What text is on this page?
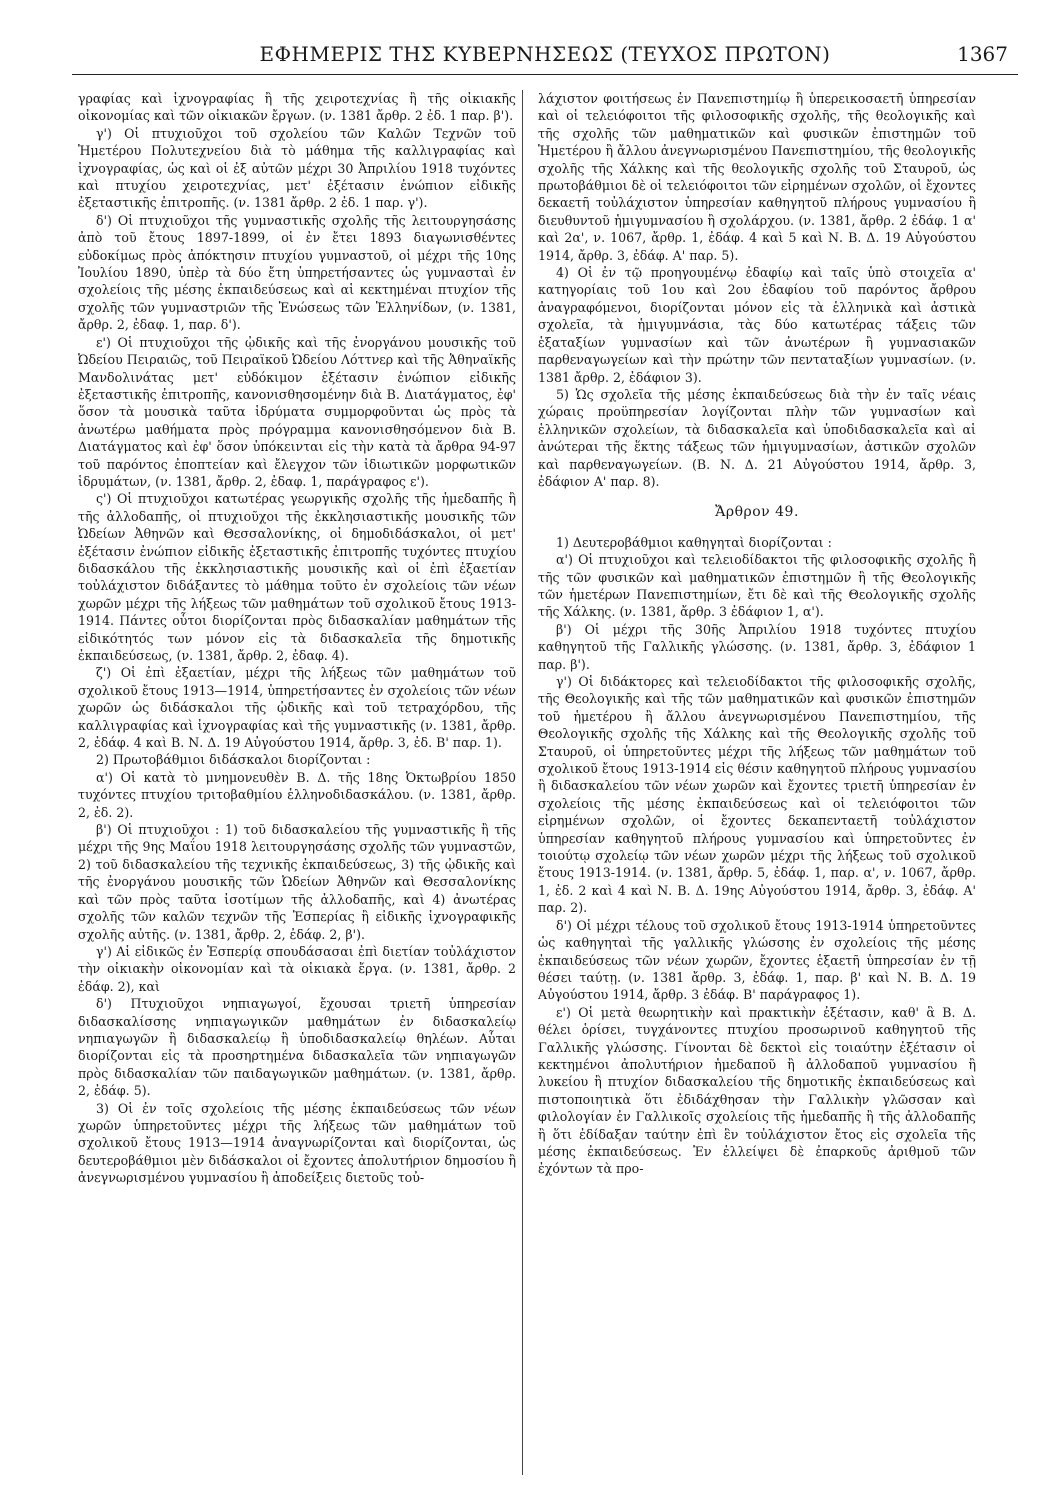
ΕΦΗΜΕΡΙΣ ΤΗΣ ΚΥΒΕΡΝΗΣΕΩΣ (ΤΕΥΧΟΣ ΠΡΩΤΟΝ)	1367

γραφίας καὶ ἰχνογραφίας ἢ τῆς χειροτεχνίας ἢ τῆς οἰκιακῆς οἰκονομίας καὶ τῶν οἰκιακῶν ἔργων. (ν. 1381 ἄρθρ. 2 ἐδ. 1 παρ. β').

γ') Οἱ πτυχιοῦχοι τοῦ σχολείου τῶν Καλῶν Τεχνῶν τοῦ Ἡμετέρου Πολυτεχνείου διὰ τὸ μάθημα τῆς καλλιγραφίας καὶ ἰχνογραφίας, ὡς καὶ οἱ ἐξ αὐτῶν μέχρι 30 Ἀπριλίου 1918 τυχόντες καὶ πτυχίου χειροτεχνίας, μετ' ἐξέτασιν ἐνώπιον εἰδικῆς ἐξεταστικῆς ἐπιτροπῆς. (ν. 1381 ἄρθρ. 2 ἐδ. 1 παρ. γ').

δ') Οἱ πτυχιοῦχοι τῆς γυμναστικῆς σχολῆς τῆς λειτουργησάσης ἀπὸ τοῦ ἔτους 1897-1899, οἱ ἐν ἔτει 1893 διαγωνισθέντες εὐδοκίμως πρὸς ἀπόκτησιν πτυχίου γυμναστοῦ, οἱ μέχρι τῆς 10ης Ἰουλίου 1890, ὑπὲρ τὰ δύο ἔτη ὑπηρετήσαντες ὡς γυμνασταὶ ἐν σχολείοις τῆς μέσης ἐκπαιδεύσεως καὶ αἱ κεκτημέναι πτυχίον τῆς σχολῆς τῶν γυμναστριῶν τῆς Ἑνώσεως τῶν Ἑλληνίδων, (ν. 1381, ἄρθρ. 2, ἐδαφ. 1, παρ. δ').

ε') Οἱ πτυχιοῦχοι τῆς ᾠδικῆς καὶ τῆς ἐνοργάνου μουσικῆς τοῦ Ὠδείου Πειραιῶς, τοῦ Πειραϊκοῦ Ὠδείου Λόττνερ καὶ τῆς Ἀθηναϊκῆς Μανδολινάτας μετ' εὐδόκιμον ἐξέτασιν ἐνώπιον εἰδικῆς ἐξεταστικῆς ἐπιτροπῆς, κανονισθησομένην διὰ Β. Διατάγματος, ἐφ' ὅσον τὰ μουσικὰ ταῦτα ἱδρύματα συμμορφοῦνται ὡς πρὸς τὰ ἀνωτέρω μαθήματα πρὸς πρόγραμμα κανονισθησόμενον διὰ Β. Διατάγματος καὶ ἐφ' ὅσον ὑπόκεινται εἰς τὴν κατὰ τὰ ἄρθρα 94-97 τοῦ παρόντος ἐποπτείαν καὶ ἔλεγχον τῶν ἰδιωτικῶν μορφωτικῶν ἱδρυμάτων, (ν. 1381, ἄρθρ. 2, ἐδαφ. 1, παράγραφος ε').

ς') Οἱ πτυχιοῦχοι κατωτέρας γεωργικῆς σχολῆς τῆς ἡμεδαπῆς ἢ τῆς ἀλλοδαπῆς, οἱ πτυχιοῦχοι τῆς ἐκκλησιαστικῆς μουσικῆς τῶν Ὠδείων Ἀθηνῶν καὶ Θεσσαλονίκης, οἱ δημοδιδάσκαλοι, οἱ μετ' ἐξέτασιν ἐνώπιον εἰδικῆς ἐξεταστικῆς ἐπιτροπῆς τυχόντες πτυχίου διδασκάλου τῆς ἐκκλησιαστικῆς μουσικῆς καὶ οἱ ἐπὶ ἐξαετίαν τοὐλάχιστον διδάξαντες τὸ μάθημα τοῦτο ἐν σχολείοις τῶν νέων χωρῶν μέχρι τῆς λήξεως τῶν μαθημάτων τοῦ σχολικοῦ ἔτους 1913-1914. Πάντες οὗτοι διορίζονται πρὸς διδασκαλίαν μαθημάτων τῆς εἰδικότητός των μόνον εἰς τὰ διδασκαλεῖα τῆς δημοτικῆς ἐκπαιδεύσεως, (ν. 1381, ἄρθρ. 2, ἐδαφ. 4).

ζ') Οἱ ἐπὶ ἐξαετίαν, μέχρι τῆς λήξεως τῶν μαθημάτων τοῦ σχολικοῦ ἔτους 1913—1914, ὑπηρετήσαντες ἐν σχολείοις τῶν νέων χωρῶν ὡς διδάσκαλοι τῆς ᾠδικῆς καὶ τοῦ τετραχόρδου, τῆς καλλιγραφίας καὶ ἰχνογραφίας καὶ τῆς γυμναστικῆς (ν. 1381, ἄρθρ. 2, ἐδάφ. 4 καὶ Β. Ν. Δ. 19 Αὐγούστου 1914, ἄρθρ. 3, ἐδ. Β' παρ. 1).

2) Πρωτοβάθμιοι διδάσκαλοι διορίζονται :

α') Οἱ κατὰ τὸ μνημονευθὲν Β. Δ. τῆς 18ης Ὀκτωβρίου 1850 τυχόντες πτυχίου τριτοβαθμίου ἑλληνοδιδασκάλου. (ν. 1381, ἄρθρ. 2, ἐδ. 2).

β') Οἱ πτυχιοῦχοι : 1) τοῦ διδασκαλείου τῆς γυμναστικῆς ἢ τῆς μέχρι τῆς 9ης Μαΐου 1918 λειτουργησάσης σχολῆς τῶν γυμναστῶν, 2) τοῦ διδασκαλείου τῆς τεχνικῆς ἐκπαιδεύσεως, 3) τῆς ᾠδικῆς καὶ τῆς ἐνοργάνου μουσικῆς τῶν Ὠδείων Ἀθηνῶν καὶ Θεσσαλονίκης καὶ τῶν πρὸς ταῦτα ἰσοτίμων τῆς ἀλλοδαπῆς, καὶ 4) ἀνωτέρας σχολῆς τῶν καλῶν τεχνῶν τῆς Ἑσπερίας ἢ εἰδικῆς ἰχνογραφικῆς σχολῆς αὐτῆς. (ν. 1381, ἄρθρ. 2, ἐδάφ. 2, β').

γ') Αἱ εἰδικῶς ἐν Ἑσπερίᾳ σπουδάσασαι ἐπὶ διετίαν τοὐλάχιστον τὴν οἰκιακὴν οἰκονομίαν καὶ τὰ οἰκιακὰ ἔργα. (ν. 1381, ἄρθρ. 2 ἐδάφ. 2), καὶ

δ') Πτυχιοῦχοι νηπιαγωγοί, ἔχουσαι τριετῆ ὑπηρεσίαν διδασκαλίσσης νηπιαγωγικῶν μαθημάτων ἐν διδασκαλείῳ νηπιαγωγῶν ἢ διδασκαλείῳ ἢ ὑποδιδασκαλείῳ θηλέων. Αὗται διορίζονται εἰς τὰ προσηρτημένα διδασκαλεῖα τῶν νηπιαγωγῶν πρὸς διδασκαλίαν τῶν παιδαγωγικῶν μαθημάτων. (ν. 1381, ἄρθρ. 2, ἐδάφ. 5).

3) Οἱ ἐν τοῖς σχολείοις τῆς μέσης ἐκπαιδεύσεως τῶν νέων χωρῶν ὑπηρετοῦντες μέχρι τῆς λήξεως τῶν μαθημάτων τοῦ σχολικοῦ ἔτους 1913—1914 ἀναγνωρίζονται καὶ διορίζονται, ὡς δευτεροβάθμιοι μὲν διδάσκαλοι οἱ ἔχοντες ἀπολυτήριον δημοσίου ἢ ἀνεγνωρισμένου γυμνασίου ἢ ἀποδείξεις διετοῦς τοὐ-

λάχιστον φοιτήσεως ἐν Πανεπιστημίῳ ἢ ὑπερεικοσαετῆ ὑπηρεσίαν καὶ οἱ τελειόφοιτοι τῆς φιλοσοφικῆς σχολῆς, τῆς θεολογικῆς καὶ τῆς σχολῆς τῶν μαθηματικῶν καὶ φυσικῶν ἐπιστημῶν τοῦ Ἡμετέρου ἢ ἄλλου ἀνεγνωρισμένου Πανεπιστημίου, τῆς θεολογικῆς σχολῆς τῆς Χάλκης καὶ τῆς θεολογικῆς σχολῆς τοῦ Σταυροῦ, ὡς πρωτοβάθμιοι δὲ οἱ τελειόφοιτοι τῶν εἰρημένων σχολῶν, οἱ ἔχοντες δεκαετῆ τοὐλάχιστον ὑπηρεσίαν καθηγητοῦ πλήρους γυμνασίου ἢ διευθυντοῦ ἡμιγυμνασίου ἢ σχολάρχου. (ν. 1381, ἄρθρ. 2 ἐδάφ. 1 α' καὶ 2α', ν. 1067, ἄρθρ. 1, ἐδάφ. 4 καὶ 5 καὶ Ν. Β. Δ. 19 Αὐγούστου 1914, ἄρθρ. 3, ἐδάφ. Α' παρ. 5).

4) Οἱ ἐν τῷ προηγουμένῳ ἐδαφίῳ καὶ ταῖς ὑπὸ στοιχεῖα α' κατηγορίαις τοῦ 1ου καὶ 2ου ἐδαφίου τοῦ παρόντος ἄρθρου ἀναγραφόμενοι, διορίζονται μόνον εἰς τὰ ἑλληνικὰ καὶ ἀστικὰ σχολεῖα, τὰ ἡμιγυμνάσια, τὰς δύο κατωτέρας τάξεις τῶν ἑξαταξίων γυμνασίων καὶ τῶν ἀνωτέρων ἢ γυμνασιακῶν παρθεναγωγείων καὶ τὴν πρώτην τῶν πενταταξίων γυμνασίων. (ν. 1381 ἄρθρ. 2, ἐδάφιον 3).

5) Ὡς σχολεῖα τῆς μέσης ἐκπαιδεύσεως διὰ τὴν ἐν ταῖς νέαις χώραις προϋπηρεσίαν λογίζονται πλὴν τῶν γυμνασίων καὶ ἑλληνικῶν σχολείων, τὰ διδασκαλεῖα καὶ ὑποδιδασκαλεῖα καὶ αἱ ἀνώτεραι τῆς ἕκτης τάξεως τῶν ἡμιγυμνασίων, ἀστικῶν σχολῶν καὶ παρθεναγωγείων. (Β. Ν. Δ. 21 Αὐγούστου 1914, ἄρθρ. 3, ἐδάφιον Α' παρ. 8).

Ἄρθρον 49.

1) Δευτεροβάθμιοι καθηγηταὶ διορίζονται :

α') Οἱ πτυχιοῦχοι καὶ τελειοδίδακτοι τῆς φιλοσοφικῆς σχολῆς ἢ τῆς τῶν φυσικῶν καὶ μαθηματικῶν ἐπιστημῶν ἢ τῆς Θεολογικῆς τῶν ἡμετέρων Πανεπιστημίων, ἔτι δὲ καὶ τῆς Θεολογικῆς σχολῆς τῆς Χάλκης. (ν. 1381, ἄρθρ. 3 ἐδάφιον 1, α').

β') Οἱ μέχρι τῆς 30ῆς Ἀπριλίου 1918 τυχόντες πτυχίου καθηγητοῦ τῆς Γαλλικῆς γλώσσης. (ν. 1381, ἄρθρ. 3, ἐδάφιον 1 παρ. β').

γ') Οἱ διδάκτορες καὶ τελειοδίδακτοι τῆς φιλοσοφικῆς σχολῆς, τῆς Θεολογικῆς καὶ τῆς τῶν μαθηματικῶν καὶ φυσικῶν ἐπιστημῶν τοῦ ἡμετέρου ἢ ἄλλου ἀνεγνωρισμένου Πανεπιστημίου, τῆς Θεολογικῆς σχολῆς τῆς Χάλκης καὶ τῆς Θεολογικῆς σχολῆς τοῦ Σταυροῦ, οἱ ὑπηρετοῦντες μέχρι τῆς λήξεως τῶν μαθημάτων τοῦ σχολικοῦ ἔτους 1913-1914 εἰς θέσιν καθηγητοῦ πλήρους γυμνασίου ἢ διδασκαλείου τῶν νέων χωρῶν καὶ ἔχοντες τριετῆ ὑπηρεσίαν ἐν σχολείοις τῆς μέσης ἐκπαιδεύσεως καὶ οἱ τελειόφοιτοι τῶν εἰρημένων σχολῶν, οἱ ἔχοντες δεκαπενταετῆ τοὐλάχιστον ὑπηρεσίαν καθηγητοῦ πλήρους γυμνασίου καὶ ὑπηρετοῦντες ἐν τοιούτῳ σχολείῳ τῶν νέων χωρῶν μέχρι τῆς λήξεως τοῦ σχολικοῦ ἔτους 1913-1914. (ν. 1381, ἄρθρ. 5, ἐδάφ. 1, παρ. α', ν. 1067, ἄρθρ. 1, ἐδ. 2 καὶ 4 καὶ Ν. Β. Δ. 19ης Αὐγούστου 1914, ἄρθρ. 3, ἐδάφ. Α' παρ. 2).

δ') Οἱ μέχρι τέλους τοῦ σχολικοῦ ἔτους 1913-1914 ὑπηρετοῦντες ὡς καθηγηταὶ τῆς γαλλικῆς γλώσσης ἐν σχολείοις τῆς μέσης ἐκπαιδεύσεως τῶν νέων χωρῶν, ἔχοντες ἑξαετῆ ὑπηρεσίαν ἐν τῇ θέσει ταύτῃ. (ν. 1381 ἄρθρ. 3, ἐδάφ. 1, παρ. β' καὶ Ν. Β. Δ. 19 Αὐγούστου 1914, ἄρθρ. 3 ἐδάφ. Β' παράγραφος 1).

ε') Οἱ μετὰ θεωρητικὴν καὶ πρακτικὴν ἐξέτασιν, καθ' ἃ Β. Δ. θέλει ὁρίσει, τυγχάνοντες πτυχίου προσωρινοῦ καθηγητοῦ τῆς Γαλλικῆς γλώσσης. Γίνονται δὲ δεκτοὶ εἰς τοιαύτην ἐξέτασιν οἱ κεκτημένοι ἀπολυτήριον ἡμεδαποῦ ἢ ἀλλοδαποῦ γυμνασίου ἢ λυκείου ἢ πτυχίον διδασκαλείου τῆς δημοτικῆς ἐκπαιδεύσεως καὶ πιστοποιητικὰ ὅτι ἐδιδάχθησαν τὴν Γαλλικὴν γλῶσσαν καὶ φιλολογίαν ἐν Γαλλικοῖς σχολείοις τῆς ἡμεδαπῆς ἢ τῆς ἀλλοδαπῆς ἢ ὅτι ἐδίδαξαν ταύτην ἐπὶ ἓν τοὐλάχιστον ἔτος εἰς σχολεῖα τῆς μέσης ἐκπαιδεύσεως. Ἐν ἐλλείψει δὲ ἐπαρκοῦς ἀριθμοῦ τῶν ἐχόντων τὰ προ-
